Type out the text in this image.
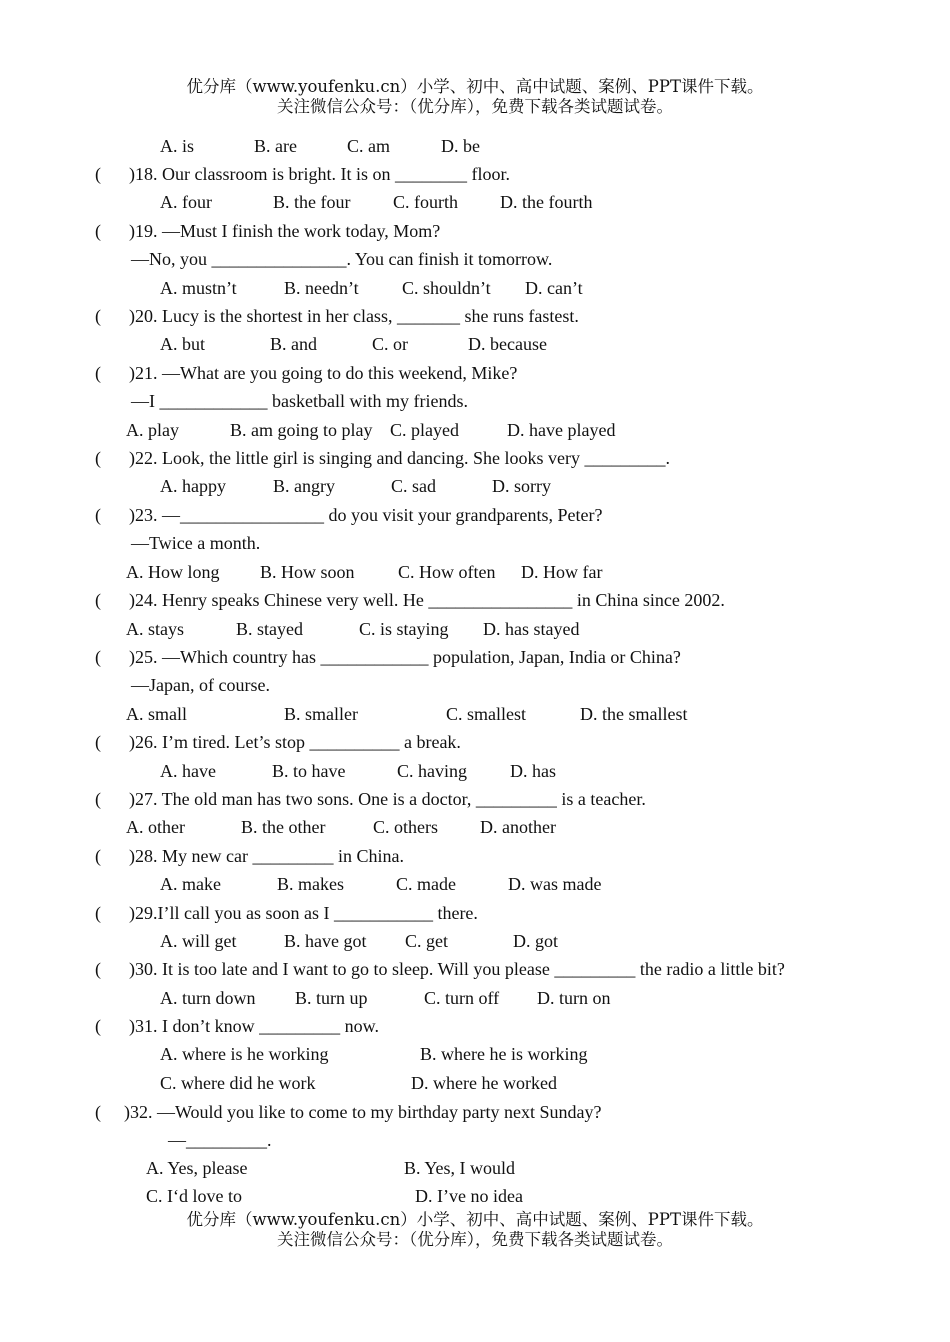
优分库（www.youfenku.cn）小学、初中、高中试题、案例、PPT课件下载。
关注微信公众号：（优分库），免费下载各类试题试卷。
A. is	B. are	C. am	D. be
( )18. Our classroom is bright. It is on ________ floor.
A. four	B. the four C. fourth D. the fourth
( )19. —Must I finish the work today, Mom?
—No, you _______________. You can finish it tomorrow.
A. mustn’t	B. needn’t C. shouldn’t D. can’t
( )20. Lucy is the shortest in her class, _______ she runs fastest.
A. but	B. and	C. or	D. because
( )21. —What are you going to do this weekend, Mike?
—I ____________ basketball with my friends.
A. play	B. am going to play C. played	D. have played
( )22. Look, the little girl is singing and dancing. She looks very _________.
A. happy	B. angry	C. sad	D. sorry
( )23. —________________ do you visit your grandparents, Peter?
—Twice a month.
A. How long B. How soon C. How often D. How far
( )24. Henry speaks Chinese very well. He ________________ in China since 2002.
A. stays	B. stayed	C. is staying D. has stayed
( )25. —Which country has ____________ population, Japan, India or China?
—Japan, of course.
A. small	B. smaller	C. smallest	D. the smallest
( )26. I’m tired. Let’s stop __________ a break.
A. have	B. to have	C. having D. has
( )27. The old man has two sons. One is a doctor, _________ is a teacher.
A. other	B. the other	C. others D. another
( )28. My new car _________ in China.
A. make	B. makes	C. made	D. was made
( )29.I’ll call you as soon as I ___________ there.
A. will get	B. have got C. get	D. got
( )30. It is too late and I want to go to sleep. Will you please _________ the radio a little bit?
A. turn down B. turn up	C. turn off D. turn on
( )31. I don’t know _________ now.
A. where is he working	B. where he is working
C. where did he work	D. where he worked
( )32. —Would you like to come to my birthday party next Sunday?
—_________.
A. Yes, please	B. Yes, I would
C. I‘d love to	D. I’ve no idea
优分库（www.youfenku.cn）小学、初中、高中试题、案例、PPT课件下载。
关注微信公众号：（优分库），免费下载各类试题试卷。
